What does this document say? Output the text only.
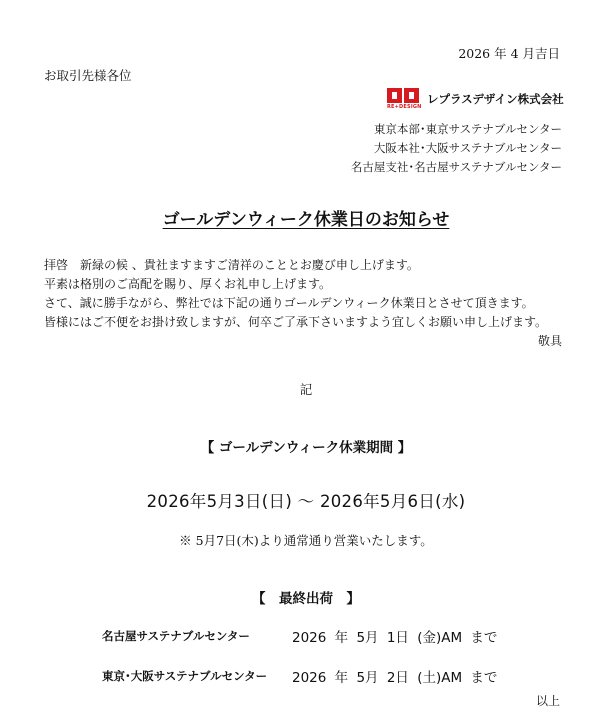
2026 年 4 月吉日
お取引先様各位
RE+DESIGN
レプラスデザイン株式会社
東京本部･東京サステナブルセンター
大阪本社･大阪サステナブルセンター
名古屋支社･名古屋サステナブルセンター
ゴールデンウィーク休業日のお知らせ
拝啓　新緑の候 、貴社ますますご清祥のこととお慶び申し上げます。
平素は格別のご高配を賜り、厚くお礼申し上げます。
さて、誠に勝手ながら、弊社では下記の通りゴールデンウィーク休業日とさせて頂きます。
皆様にはご不便をお掛け致しますが、何卒ご了承下さいますよう宜しくお願い申し上げます。
敬具
記
【 ゴールデンウィーク休業期間 】
2026年5月3日(日) 〜 2026年5月6日(水)
※ 5月7日(木)より通常通り営業いたします。
【　最終出荷　】
名古屋サステナブルセンター	2026 年 5月 1日 (金)AM まで
東京･大阪サステナブルセンター 2026 年 5月 2日 (土)AM まで
以上
